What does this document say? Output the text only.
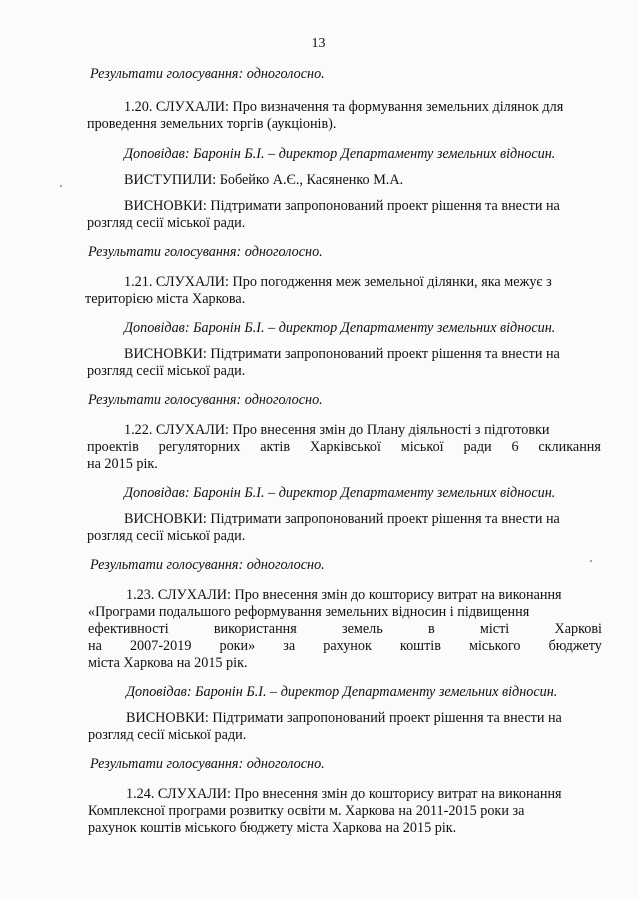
13
Результати голосування: одноголосно.
1.20. СЛУХАЛИ: Про визначення та формування земельних ділянок для
проведення земельних торгів (аукціонів).
Доповідав: Баронін Б.І. – директор Департаменту земельних відносин.
ВИСТУПИЛИ: Бобейко А.Є., Касяненко М.А.
ВИСНОВКИ: Підтримати запропонований проект рішення та внести на
розгляд сесії міської ради.
Результати голосування: одноголосно.
1.21. СЛУХАЛИ: Про погодження меж земельної ділянки, яка межує з
територією міста Харкова.
Доповідав: Баронін Б.І. – директор Департаменту земельних відносин.
ВИСНОВКИ: Підтримати запропонований проект рішення та внести на
розгляд сесії міської ради.
Результати голосування: одноголосно.
1.22. СЛУХАЛИ: Про внесення змін до Плану діяльності з підготовки
проектів регуляторних актів Харківської міської ради 6 скликання
на 2015 рік.
Доповідав: Баронін Б.І. – директор Департаменту земельних відносин.
ВИСНОВКИ: Підтримати запропонований проект рішення та внести на
розгляд сесії міської ради.
Результати голосування: одноголосно.
1.23. СЛУХАЛИ: Про внесення змін до кошторису витрат на виконання
«Програми подальшого реформування земельних відносин і підвищення
ефективності	використання	земель	в	місті	Харкові
на 2007-2019 роки» за рахунок коштів міського бюджету
міста Харкова на 2015 рік.
Доповідав: Баронін Б.І. – директор Департаменту земельних відносин.
ВИСНОВКИ: Підтримати запропонований проект рішення та внести на
розгляд сесії міської ради.
Результати голосування: одноголосно.
1.24. СЛУХАЛИ: Про внесення змін до кошторису витрат на виконання
Комплексної програми розвитку освіти м. Харкова на 2011-2015 роки за
рахунок коштів міського бюджету міста Харкова на 2015 рік.
